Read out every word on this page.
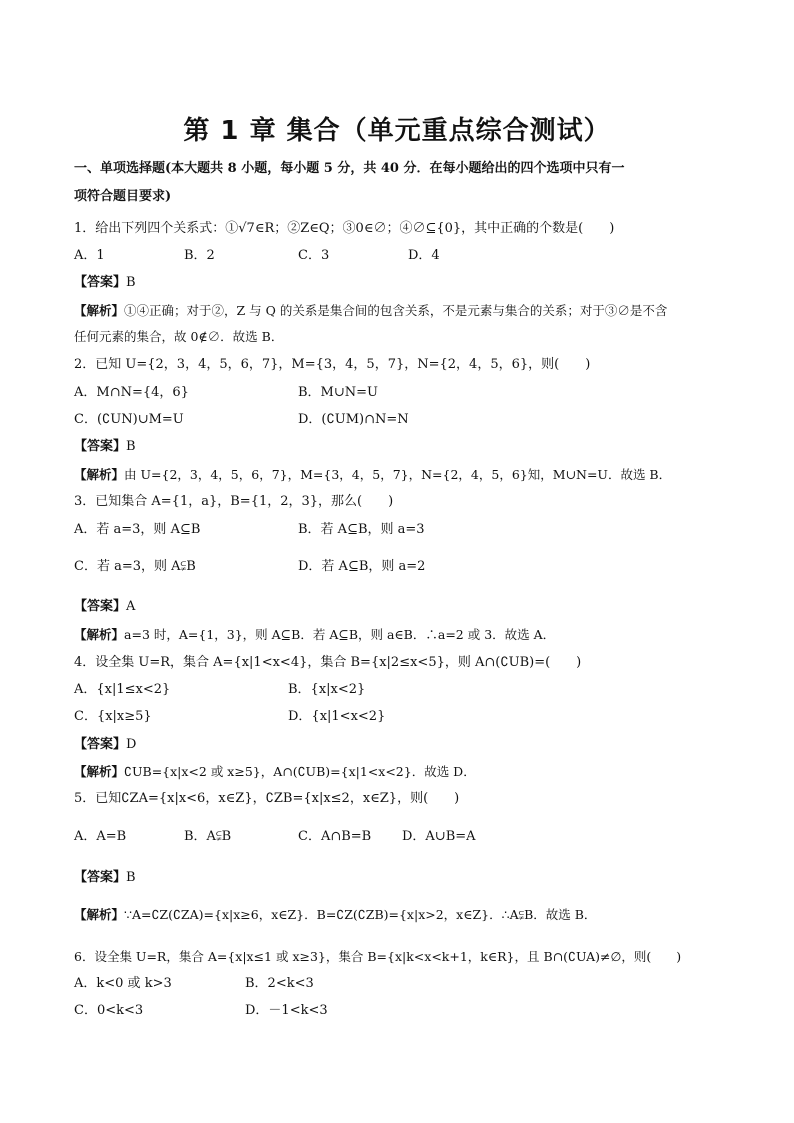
第 1 章 集合（单元重点综合测试）
一、单项选择题(本大题共 8 小题，每小题 5 分，共 40 分．在每小题给出的四个选项中只有一
项符合题目要求)
1．给出下列四个关系式：①√7∈R；②Z∈Q；③0∈∅；④∅⊆{0}，其中正确的个数是(　　)
A．1	B．2	C．3	D．4
【答案】B
【解析】①④正确；对于②，Z 与 Q 的关系是集合间的包含关系，不是元素与集合的关系；对于③∅是不含
任何元素的集合，故 0∉∅．故选 B．
2．已知 U={2，3，4，5，6，7}，M={3，4，5，7}，N={2，4，5，6}，则(　　)
A．M∩N={4，6}	B．M∪N=U
C．(∁UN)∪M=U	D．(∁UM)∩N=N
【答案】B
【解析】由 U={2，3，4，5，6，7}，M={3，4，5，7}，N={2，4，5，6}知，M∪N=U．故选 B．
3．已知集合 A={1，a}，B={1，2，3}，那么(　　)
A．若 a=3，则 A⊆B	B．若 A⊆B，则 a=3
C．若 a=3，则 A⫋B	D．若 A⊆B，则 a=2
【答案】A
【解析】a=3 时，A={1，3}，则 A⊆B．若 A⊆B，则 a∈B．∴a=2 或 3．故选 A．
4．设全集 U=R，集合 A={x|1<x<4}，集合 B={x|2≤x<5}，则 A∩(∁UB)=(　　)
A．{x|1≤x<2}	B．{x|x<2}
C．{x|x≥5}	D．{x|1<x<2}
【答案】D
【解析】∁UB={x|x<2 或 x≥5}，A∩(∁UB)={x|1<x<2}．故选 D．
5．已知∁ZA={x|x<6，x∈Z}，∁ZB={x|x≤2，x∈Z}，则(　　)
A．A=B	B．A⫋B	C．A∩B=B D．A∪B=A
【答案】B
【解析】∵A=∁Z(∁ZA)={x|x≥6，x∈Z}．B=∁Z(∁ZB)={x|x>2，x∈Z}．∴A⫋B．故选 B．
6．设全集 U=R，集合 A={x|x≤1 或 x≥3}，集合 B={x|k<x<k+1，k∈R}，且 B∩(∁UA)≠∅，则(　　)
A．k<0 或 k>3	B．2<k<3
C．0<k<3	D．－1<k<3
